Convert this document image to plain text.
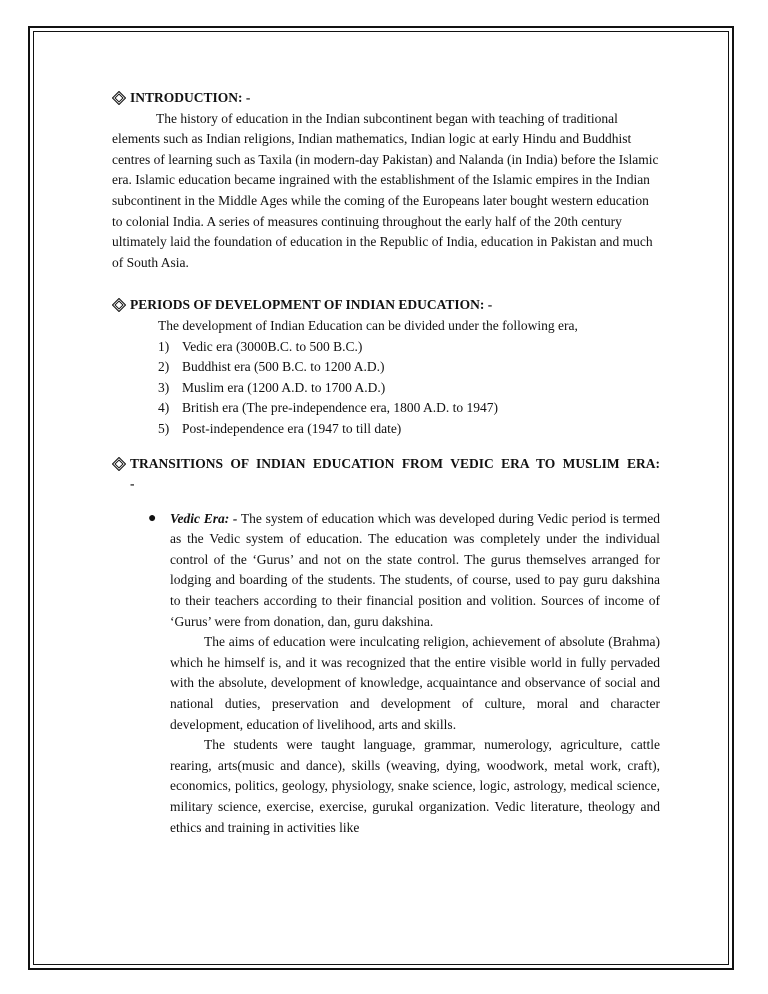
INTRODUCTION: -

The history of education in the Indian subcontinent began with teaching of traditional elements such as Indian religions, Indian mathematics, Indian logic at early Hindu and Buddhist centres of learning such as Taxila (in modern-day Pakistan) and Nalanda (in India) before the Islamic era. Islamic education became ingrained with the establishment of the Islamic empires in the Indian subcontinent in the Middle Ages while the coming of the Europeans later bought western education to colonial India. A series of measures continuing throughout the early half of the 20th century ultimately laid the foundation of education in the Republic of India, education in Pakistan and much of South Asia.

PERIODS OF DEVELOPMENT OF INDIAN EDUCATION: -

The development of Indian Education can be divided under the following era,

1) Vedic era (3000B.C. to 500 B.C.)
2) Buddhist era (500 B.C. to 1200 A.D.)
3) Muslim era (1200 A.D. to 1700 A.D.)
4) British era (The pre-independence era, 1800 A.D. to 1947)
5) Post-independence era (1947 to till date)
TRANSITIONS OF INDIAN EDUCATION FROM VEDIC ERA TO MUSLIM ERA: -
●	Vedic Era: - The system of education which was developed during Vedic period is termed as the Vedic system of education. The education was completely under the individual control of the ‘Gurus’ and not on the state control. The gurus themselves arranged for lodging and boarding of the students. The students, of course, used to pay guru dakshina to their teachers according to their financial position and volition. Sources of income of ‘Gurus’ were from donation, dan, guru dakshina.

The aims of education were inculcating religion, achievement of absolute (Brahma) which he himself is, and it was recognized that the entire visible world in fully pervaded with the absolute, development of knowledge, acquaintance and observance of social and national duties, preservation and development of culture, moral and character development, education of livelihood, arts and skills.

The students were taught language, grammar, numerology, agriculture, cattle rearing, arts(music and dance), skills (weaving, dying, woodwork, metal work, craft), economics, politics, geology, physiology, snake science, logic, astrology, medical science, military science, exercise, exercise, gurukal organization. Vedic literature, theology and ethics and training in activities like
